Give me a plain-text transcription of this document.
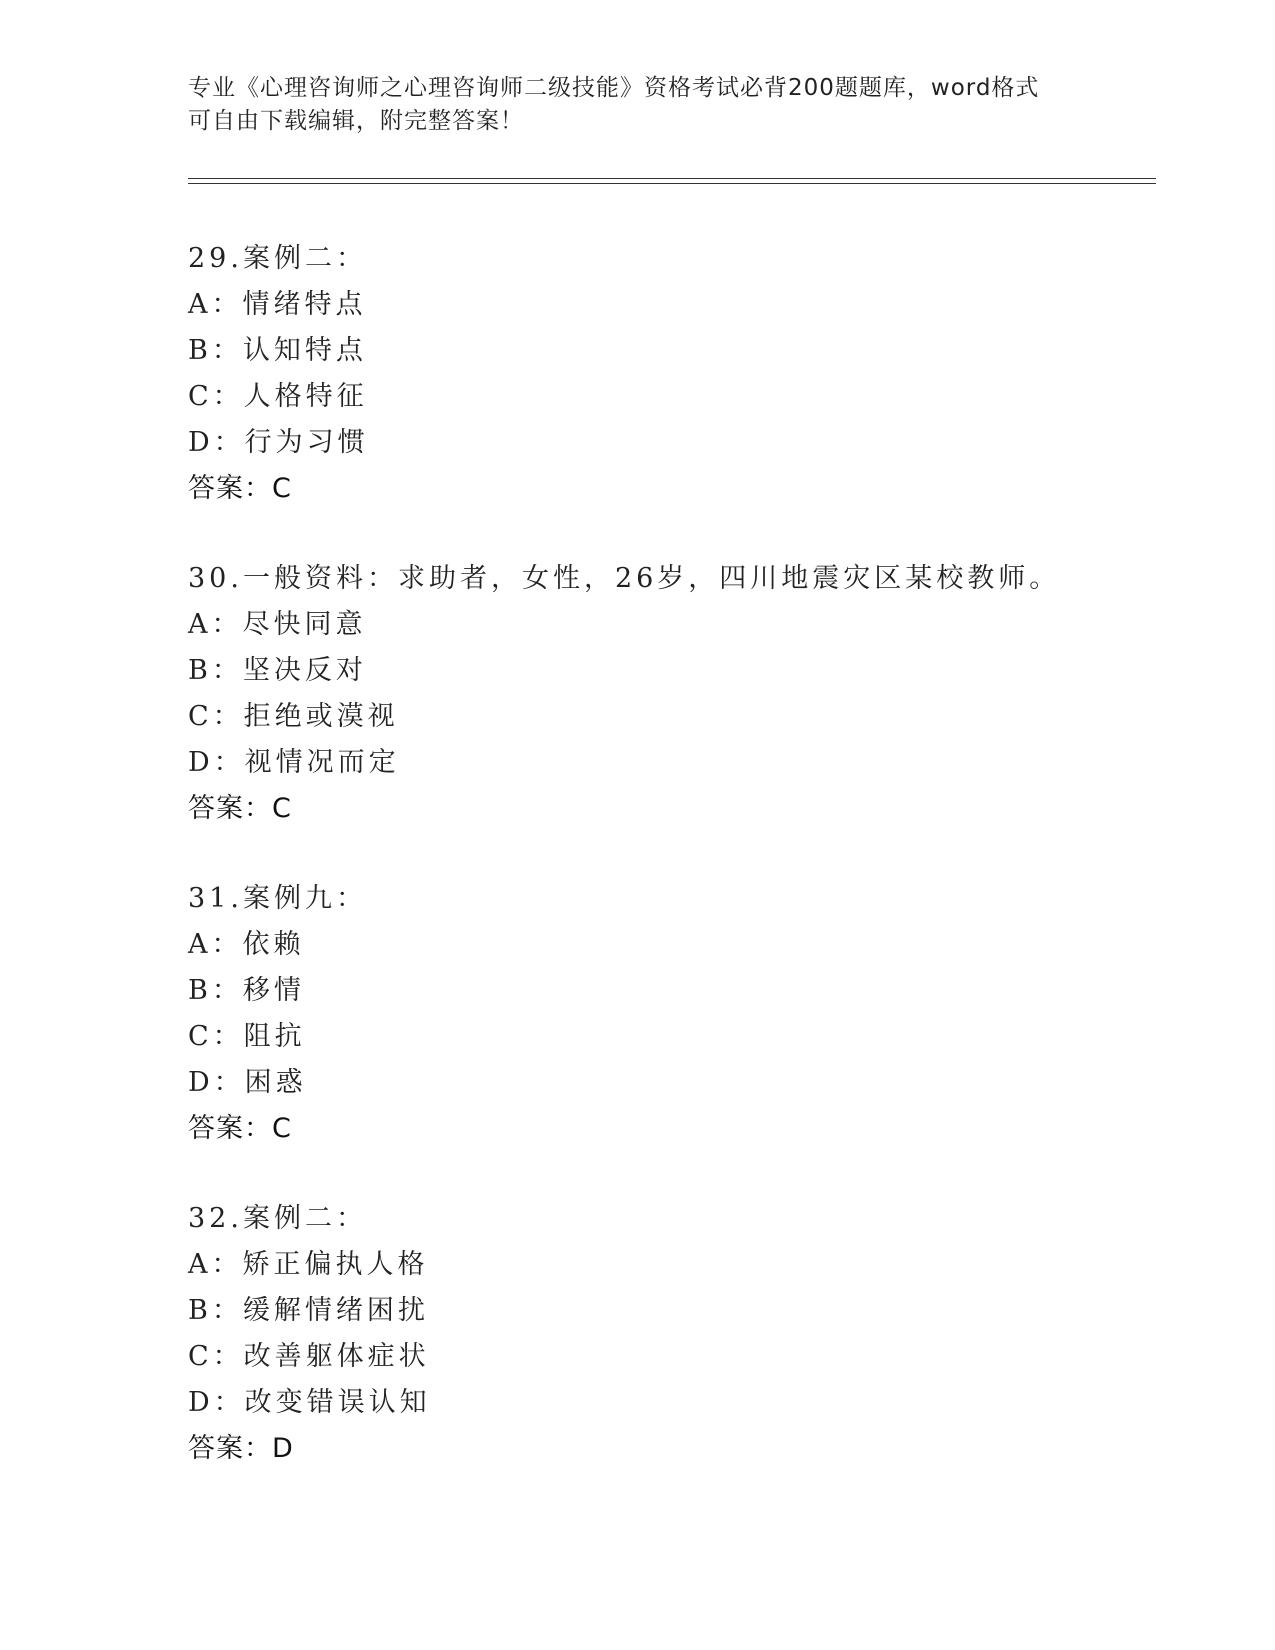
专业《心理咨询师之心理咨询师二级技能》资格考试必背200题题库，word格式
可自由下载编辑，附完整答案！
29.案例二：
A：情绪特点
B：认知特点
C：人格特征
D：行为习惯
答案：C
30.一般资料：求助者，女性，26岁，四川地震灾区某校教师。
A：尽快同意
B：坚决反对
C：拒绝或漠视
D：视情况而定
答案：C
31.案例九：
A：依赖
B：移情
C：阻抗
D：困惑
答案：C
32.案例二：
A：矫正偏执人格
B：缓解情绪困扰
C：改善躯体症状
D：改变错误认知
答案：D
